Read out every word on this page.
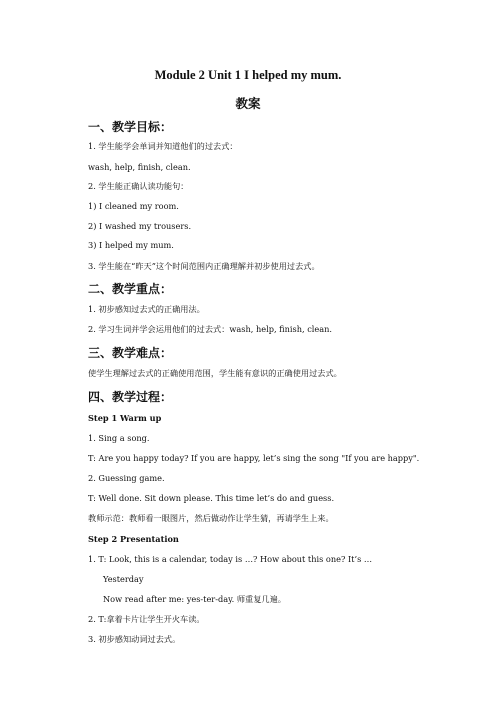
Module 2 Unit 1 I helped my mum.
教案
一、教学目标：
1. 学生能学会单词并知道他们的过去式：
wash, help, finish, clean.
2. 学生能正确认读功能句：
1) I cleaned my room.
2) I washed my trousers.
3) I helped my mum.
3. 学生能在“昨天”这个时间范围内正确理解并初步使用过去式。
二、教学重点：
1. 初步感知过去式的正确用法。
2. 学习生词并学会运用他们的过去式：wash, help, finish, clean.
三、教学难点：
使学生理解过去式的正确使用范围，学生能有意识的正确使用过去式。
四、教学过程：
Step 1 Warm up
1. Sing a song.
T: Are you happy today? If you are happy, let’s sing the song "If you are happy".
2. Guessing game.
T: Well done. Sit down please. This time let’s do and guess.
教师示范：教师看一眼图片，然后做动作让学生猜，再请学生上来。
Step 2 Presentation
1. T: Look, this is a calendar, today is …? How about this one? It’s …
Yesterday
Now read after me: yes-ter-day. 师重复几遍。
2. T:拿着卡片让学生开火车读。
3. 初步感知动词过去式。
